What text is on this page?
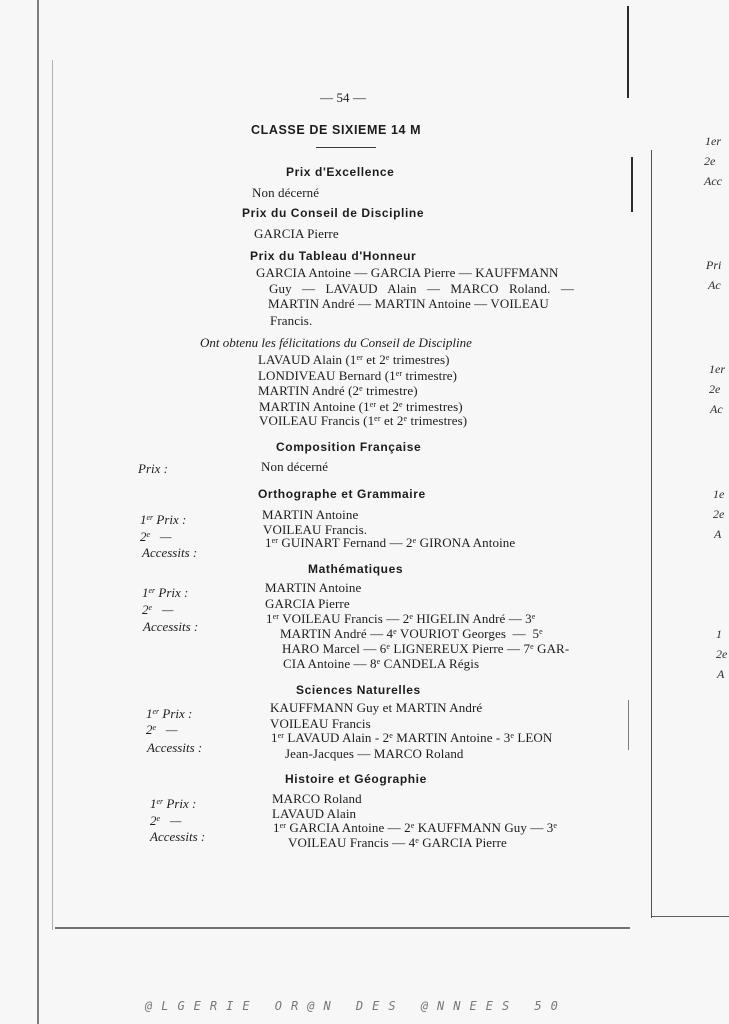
— 54 —
CLASSE DE SIXIEME 14 M
Prix d'Excellence
Non décerné
Prix du Conseil de Discipline
GARCIA Pierre
Prix du Tableau d'Honneur
GARCIA Antoine — GARCIA Pierre — KAUFFMANN
Guy — LAVAUD Alain — MARCO Roland. —
MARTIN André — MARTIN Antoine — VOILEAU
Francis.
Ont obtenu les félicitations du Conseil de Discipline
LAVAUD Alain (1er et 2e trimestres)
LONDIVEAU Bernard (1er trimestre)
MARTIN André (2e trimestre)
MARTIN Antoine (1er et 2e trimestres)
VOILEAU Francis (1er et 2e trimestres)
Composition Française
Prix :	Non décerné
Orthographe et Grammaire
1er Prix :
2e   —
Accessits :
MARTIN Antoine
VOILEAU Francis.
1er GUINART Fernand — 2e GIRONA Antoine
Mathématiques
1er Prix :
2e   —
Accessits :
MARTIN Antoine
GARCIA Pierre
1er VOILEAU Francis — 2e HIGELIN André — 3e
MARTIN André — 4e VOURIOT Georges  —  5e
HARO Marcel — 6e LIGNEREUX Pierre — 7e GAR-
CIA Antoine — 8e CANDELA Régis
Sciences Naturelles
1er Prix :
2e   —
Accessits :
KAUFFMANN Guy et MARTIN André
VOILEAU Francis
1er LAVAUD Alain - 2e MARTIN Antoine - 3e LEON
Jean-Jacques — MARCO Roland
Histoire et Géographie
1er Prix :
2e   —
Accessits :
MARCO Roland
LAVAUD Alain
1er GARCIA Antoine — 2e KAUFFMANN Guy — 3e
VOILEAU Francis — 4e GARCIA Pierre
1er
2e
Acc
Pri
Ac
1er
2e
Ac
1e
2e
A
1
2e
A
@LGERIE OR@N DES @NNEES 50
